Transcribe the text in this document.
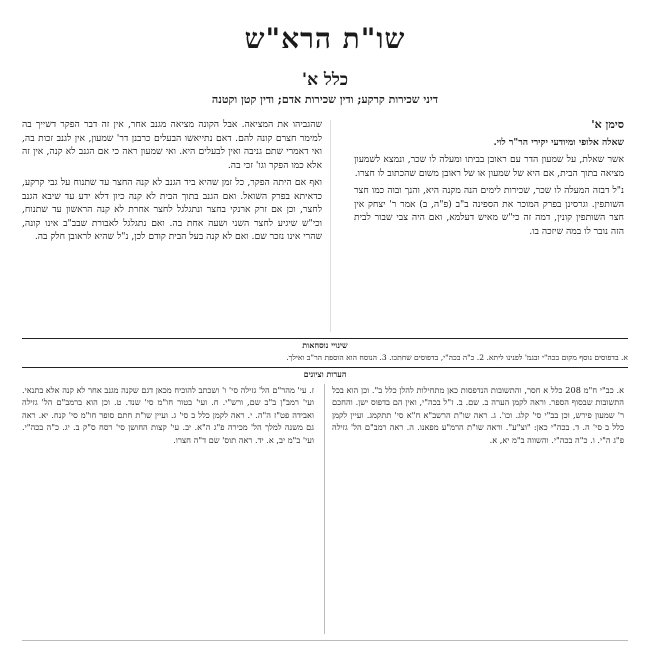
שו"ת הרא"ש
כלל א'
דיני שכירות קרקע; ודין שכירות אדם; ודין קטן וקטנה

סימן א'

שאלה אלופי ומיודעי יקירי הר"ר לוי.

אשר שאלת, על שמעון הדר עם ראובן בביתו ומעלה לו שכר, ונמצא לשמעון מציאה בתוך הבית, אם היא של שמעון או של ראובן משום שהכתוב לו חצרו.

נ"ל דבזה המעלה לו שכר, שכירות לימים הנה מקנה היא, והנך ובוה כמו חצר השותפין. וגרסינן בפרק המוכר את הספינה ב"ב (פ"ה, ב) אמר ר' יצחק אין חצר השותפין קונין, דמה זה כי"ש מאיש דעלמא, ואם היה צבי שבור לבית הזה נובר לו במה שיזכה בו.

שהגביהו את המציאה. אבל הקונה מציאה מגנב אחר, אין זה דבר הפקר דשייך בה למימר חצרם קונה להם. דאם נתייאשו הבעלים כרבנן דר' שמעון, אין לגנב זכות בה, ואי דאמרי שתם גניבה ואין לבעלים היא. ואי שמעון ראה כי אם הגנב לא קנה, אין זה אלא כמו הפקר וגו' זכי בה.

ואף אם היתה הפקר, כל זמן שהיא ביד הגנב לא קנה החצר עד שתנוח על גבי קרקע, כדאיתא בפרק השואל. ואם הגנב בתוך הבית לא קנה כיון דלא ידע עד שיבא הגנב לחצר, וכן אם זרק ארנקי בחצר ונתגלגל לחצר אחרת לא קנה הראשון עד שתנוח, וכי"ש שיגיע לחצר השני ושעה אחת בה. ואם נתגלגל לאבורת שבב"ב אינו קונה, שהרי אינו נזכר שם. ואם לא קנה בעל הבית קודם לכן, נ"ל שהיא לראובן חלק בה.

שינויי נוסחאות
א. בדפוסים נוסף מקום בכה"י ובגמ' לפנינו ליתא. 2. כ"ה בכה"י, בדפוסים שחתכו. 3. הנוסח הוא הוספת הר"ב ואילך.
הערות וציונים
א. כב"י ח"מ 208 כלל א חסר, והתשובות הנדפסות כאן מתחילות להלן כלל ב". וכן הוא בכל התשובות שבסוף הספר. וראה לקמן הערה ב. שם. ב. ז"ל בכה"י, ואין הם בדפוס ישן. והחכם ר' שמעון פירש, וכן בב"י סי' קלג. וכו'. ג. ראה שו"ת הרשב"א ח"א סי' תתקמג. ועיין לקמן כלל ב סי' ה. ד. בכה"י כאן: "וצ"ע". וראה שו"ת הרמ"ע מפאנו. ה. ראה רמב"ם הל' גזילה פ"ג ה"י. ו. כ"ה בכה"י. והשווה ב"מ יא, א.
ז. עי' מהר"ם הל' גזילה סי' ו' ושכתב להוכיח מכאן דגם שקנה מגנב אחר לא קנה אלא בתנאי. ועי' רמב"ן ב"ב שם, ורש"י. ח. ועי' בטור חו"מ סי' שנד. ט. וכן הוא ברמב"ם הל' גזילה ואבידה פט"ז ה"ה. י. ראה לקמן כלל ב סי' ג. ועיין שו"ת חתם סופר חו"מ סי' קנח. יא. ראה גם משנה למלך הל' מכירה פ"ג ה"א. יב. עי' קצות החושן סי' רסח ס"ק ב. יג. כ"ה בכה"י. ועי' ב"מ יב, א. יד. ראה תוס' שם ד"ה חצרו.
